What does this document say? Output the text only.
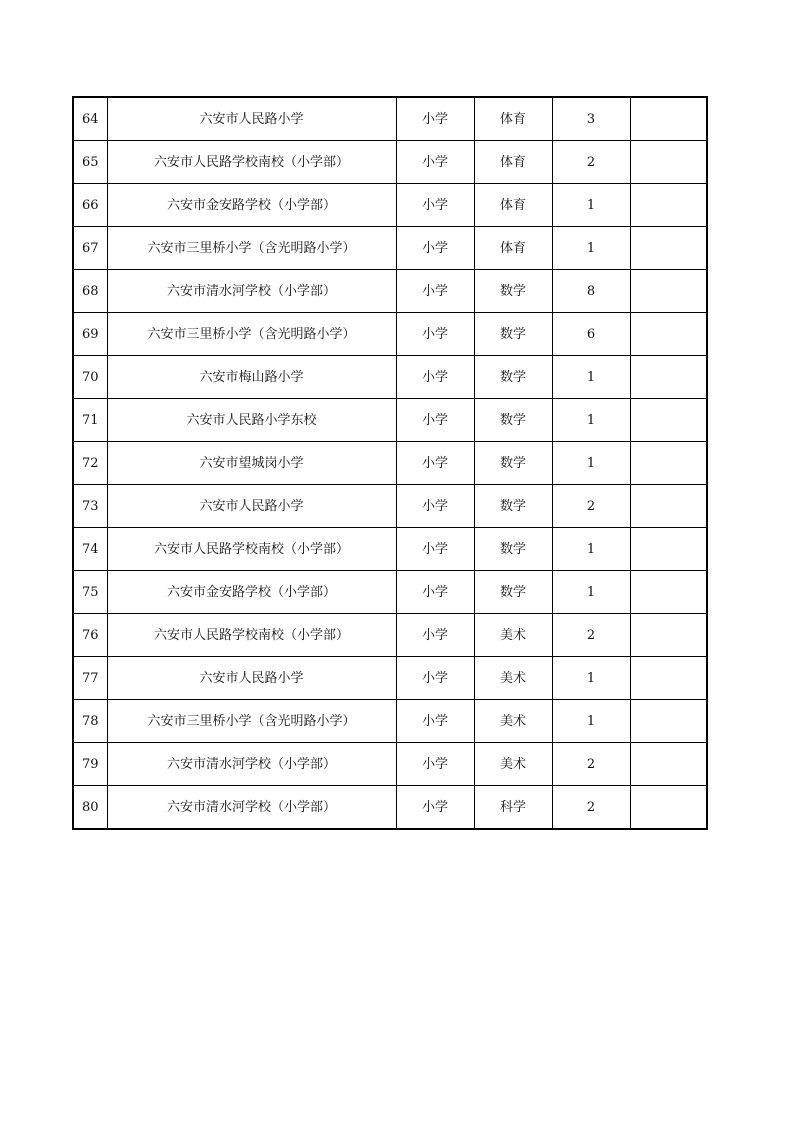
64	六安市人民路小学	小学	体育	3	
65	六安市人民路学校南校（小学部）	小学	体育	2	
66	六安市金安路学校（小学部）	小学	体育	1	
67	六安市三里桥小学（含光明路小学）	小学	体育	1	
68	六安市清水河学校（小学部）	小学	数学	8	
69	六安市三里桥小学（含光明路小学）	小学	数学	6	
70	六安市梅山路小学	小学	数学	1	
71	六安市人民路小学东校	小学	数学	1	
72	六安市望城岗小学	小学	数学	1	
73	六安市人民路小学	小学	数学	2	
74	六安市人民路学校南校（小学部）	小学	数学	1	
75	六安市金安路学校（小学部）	小学	数学	1	
76	六安市人民路学校南校（小学部）	小学	美术	2	
77	六安市人民路小学	小学	美术	1	
78	六安市三里桥小学（含光明路小学）	小学	美术	1	
79	六安市清水河学校（小学部）	小学	美术	2	
80	六安市清水河学校（小学部）	小学	科学	2	
